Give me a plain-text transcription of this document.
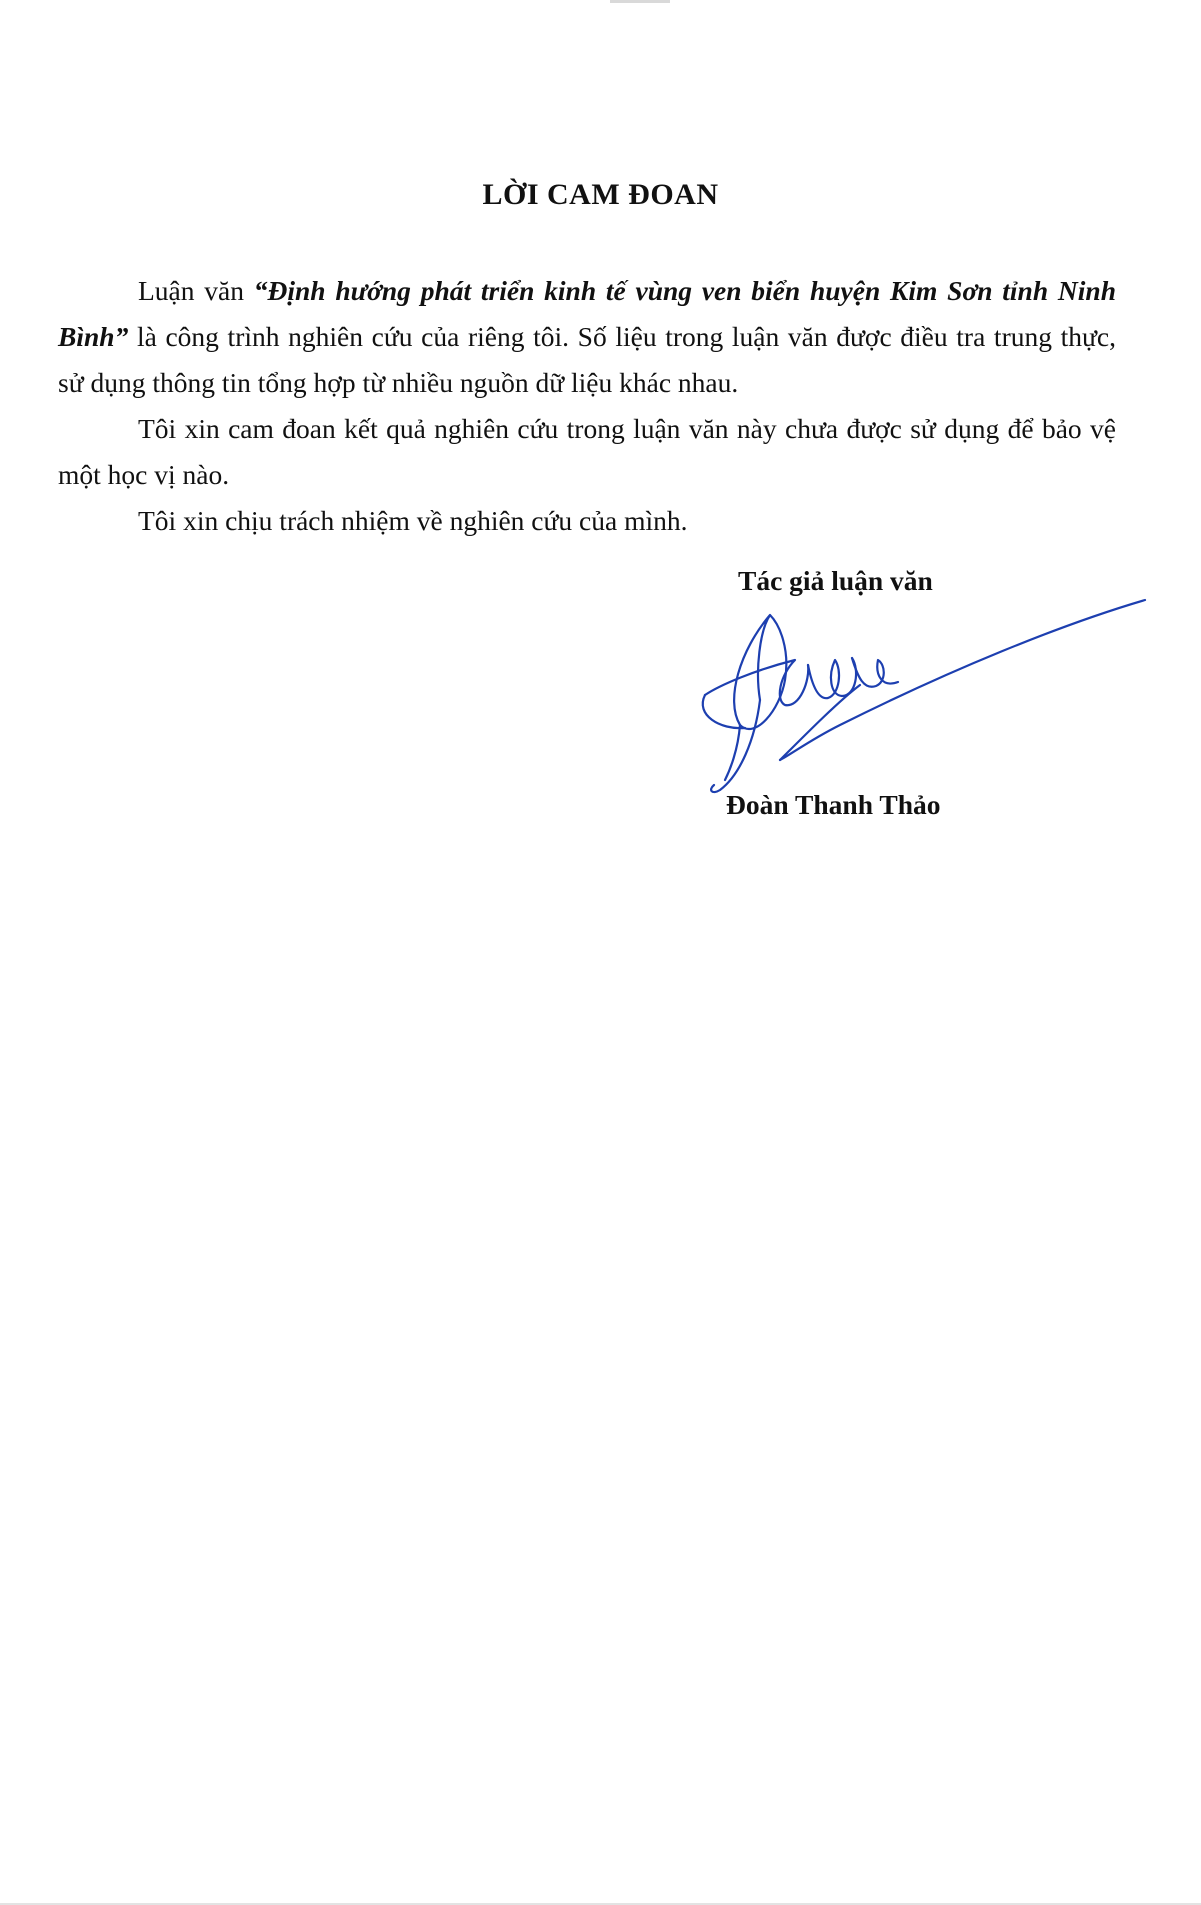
LỜI CAM ĐOAN

Luận văn “Định hướng phát triển kinh tế vùng ven biển huyện Kim Sơn tỉnh Ninh Bình” là công trình nghiên cứu của riêng tôi. Số liệu trong luận văn được điều tra trung thực, sử dụng thông tin tổng hợp từ nhiều nguồn dữ liệu khác nhau.

Tôi xin cam đoan kết quả nghiên cứu trong luận văn này chưa được sử dụng để bảo vệ một học vị nào.

Tôi xin chịu trách nhiệm về nghiên cứu của mình.

Tác giả luận văn

Đoàn Thanh Thảo
